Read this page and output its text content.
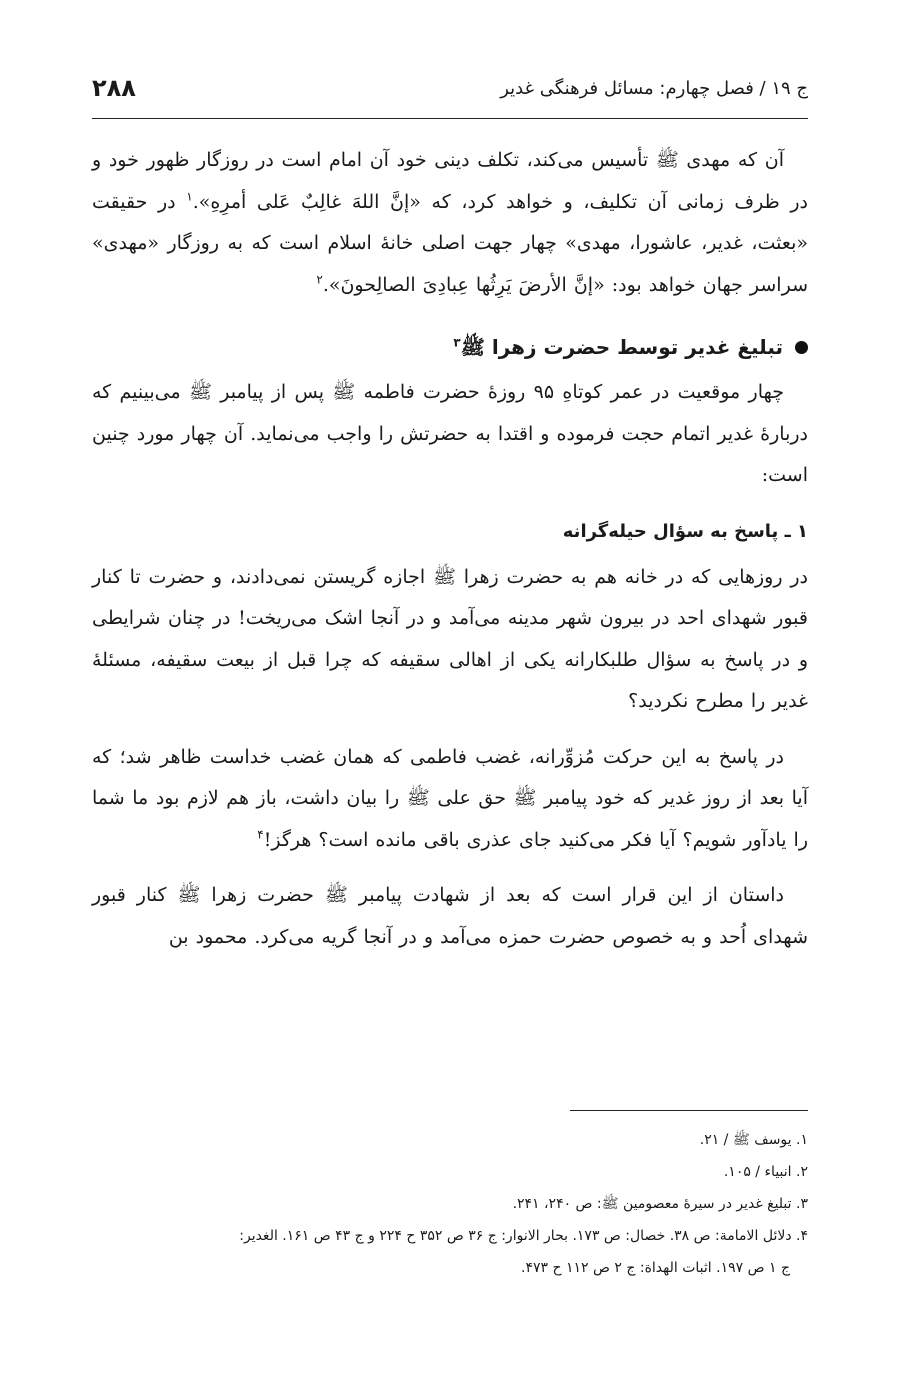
ج ۱۹ / فصل چهارم: مسائل فرهنگی غدیر
۲۸۸

آن که مهدی ﷺ تأسیس می‌کند، تکلف دینی خود آن امام است در روزگار ظهور خود و در ظرف زمانی آن تکلیف، و خواهد کرد، که «إنَّ اللهَ غالِبٌ عَلی أمرِهِ».$^۱$ در حقیقت «بعثت، غدیر، عاشورا، مهدی» چهار جهت اصلی خانهٔ اسلام است که به روزگار «مهدی» سراسر جهان خواهد بود: «إنَّ الأرضَ یَرِثُها عِبادِیَ الصالِحونَ».$^۲$

تبلیغ غدیر توسط حضرت زهرا ﷺ$^۳$

چهار موقعیت در عمر کوتاهِ ۹۵ روزهٔ حضرت فاطمه ﷺ پس از پیامبر ﷺ می‌بینیم که دربارهٔ غدیر اتمام حجت فرموده و اقتدا به حضرتش را واجب می‌نماید. آن چهار مورد چنین است:

۱ ـ پاسخ به سؤال حیله‌گرانه

در روزهایی که در خانه هم به حضرت زهرا ﷺ اجازه گریستن نمی‌دادند، و حضرت تا کنار قبور شهدای احد در بیرون شهر مدینه می‌آمد و در آنجا اشک می‌ریخت! در چنان شرایطی و در پاسخ به سؤال طلبکارانه یکی از اهالی سقیفه که چرا قبل از بیعت سقیفه، مسئلهٔ غدیر را مطرح نکردید؟

در پاسخ به این حرکت مُزوِّرانه، غضب فاطمی که همان غضب خداست ظاهر شد؛ که آیا بعد از روز غدیر که خود پیامبر ﷺ حق علی ﷺ را بیان داشت، باز هم لازم بود ما شما را یادآور شویم؟ آیا فکر می‌کنید جای عذری باقی مانده است؟ هرگز!$^۴$

داستان از این قرار است که بعد از شهادت پیامبر ﷺ حضرت زهرا ﷺ کنار قبور شهدای اُحد و به خصوص حضرت حمزه می‌آمد و در آنجا گریه می‌کرد. محمود بن

۱. یوسف ﷺ / ۲۱.

۲. انبیاء / ۱۰۵.

۳. تبلیغ غدیر در سیرهٔ معصومین ﷺ: ص ۲۴۰، ۲۴۱.

۴. دلائل الامامة: ص ۳۸. خصال: ص ۱۷۳. بحار الانوار: ج ۳۶ ص ۳۵۲ ح ۲۲۴ و ج ۴۳ ص ۱۶۱. الغدیر:

ج ۱ ص ۱۹۷. اثبات الهداة: ج ۲ ص ۱۱۲ ح ۴۷۳.
